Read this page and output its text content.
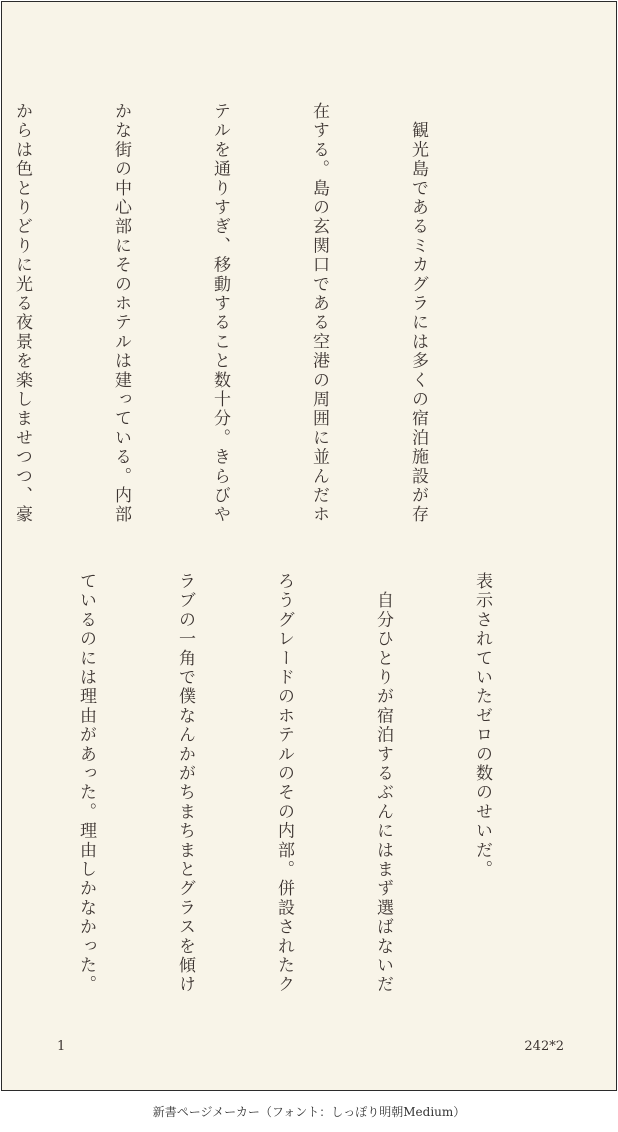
　観光島であるミカグラには多くの宿泊施設が存

在する。島の玄関口である空港の周囲に並んだホ

テルを通りすぎ、移動すること数十分。きらびや

かな街の中心部にそのホテルは建っている。内部

からは色とりどりに光る夜景を楽しませつつ、豪

表示されていたゼロの数のせいだ。

　自分ひとりが宿泊するぶんにはまず選ばないだ

ろうグレードのホテルのその内部。併設されたク

ラブの一角で僕なんかがちまちまとグラスを傾け

ているのには理由があった。理由しかなかった。

1	242*2
新書ページメーカー（フォント：しっぽり明朝Medium）
